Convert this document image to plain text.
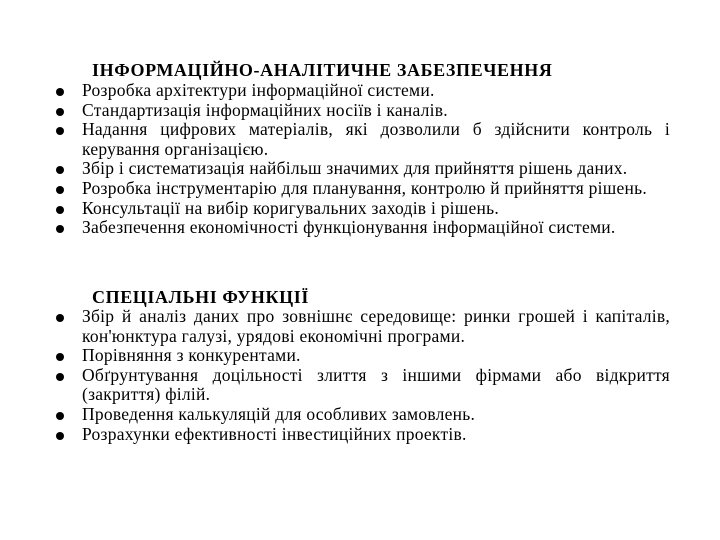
ІНФОРМАЦІЙНО-АНАЛІТИЧНЕ ЗАБЕЗПЕЧЕННЯ
Розробка архітектури інформаційної системи.
Стандартизація інформаційних носіїв і каналів.
Надання цифрових матеріалів, які дозволили б здійснити контроль і керування організацією.
Збір і систематизація найбільш значимих для прийняття рішень даних.
Розробка інструментарію для планування, контролю й прийняття рішень.
Консультації на вибір коригувальних заходів і рішень.
Забезпечення економічності функціонування інформаційної системи.
СПЕЦІАЛЬНІ ФУНКЦІЇ
Збір й аналіз даних про зовнішнє середовище: ринки грошей і капіталів, кон'юнктура галузі, урядові економічні програми.
Порівняння з конкурентами.
Обґрунтування доцільності злиття з іншими фірмами або відкриття (закриття) філій.
Проведення калькуляцій для особливих замовлень.
Розрахунки ефективності інвестиційних проектів.
